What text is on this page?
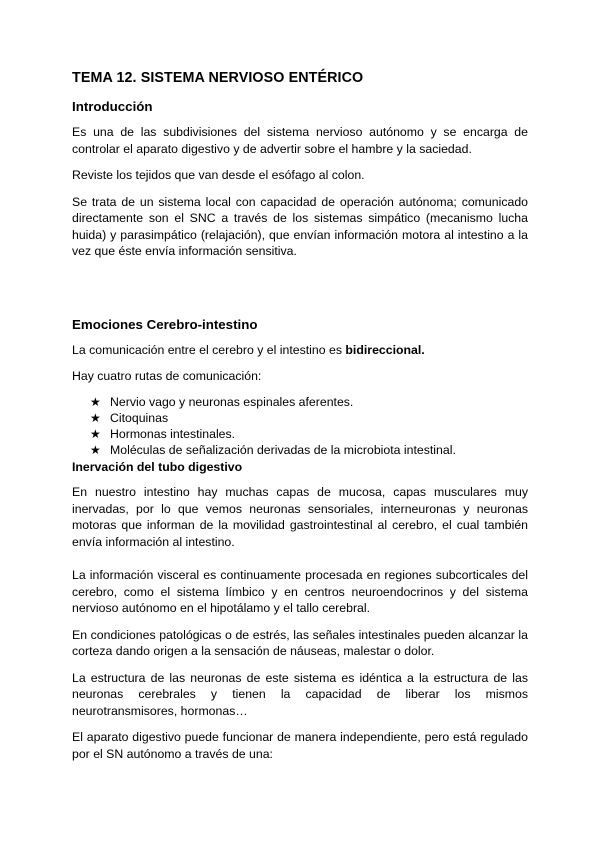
TEMA 12. SISTEMA NERVIOSO ENTÉRICO
Introducción

Es una de las subdivisiones del sistema nervioso autónomo y se encarga de controlar el aparato digestivo y de advertir sobre el hambre y la saciedad.

Reviste los tejidos que van desde el esófago al colon.

Se trata de un sistema local con capacidad de operación autónoma; comunicado directamente son el SNC a través de los sistemas simpático (mecanismo lucha huida) y parasimpático (relajación), que envían información motora al intestino a la vez que éste envía información sensitiva.

Emociones Cerebro-intestino

La comunicación entre el cerebro y el intestino es bidireccional.

Hay cuatro rutas de comunicación:

★ Nervio vago y neuronas espinales aferentes.
★ Citoquinas
★ Hormonas intestinales.
★ Moléculas de señalización derivadas de la microbiota intestinal.
Inervación del tubo digestivo

En nuestro intestino hay muchas capas de mucosa, capas musculares muy inervadas, por lo que vemos neuronas sensoriales, interneuronas y neuronas motoras que informan de la movilidad gastrointestinal al cerebro, el cual también envía información al intestino.

La información visceral es continuamente procesada en regiones subcorticales del cerebro, como el sistema límbico y en centros neuroendocrinos y del sistema nervioso autónomo en el hipotálamo y el tallo cerebral.

En condiciones patológicas o de estrés, las señales intestinales pueden alcanzar la corteza dando origen a la sensación de náuseas, malestar o dolor.

La estructura de las neuronas de este sistema es idéntica a la estructura de las neuronas cerebrales y tienen la capacidad de liberar los mismos neurotransmisores, hormonas…

El aparato digestivo puede funcionar de manera independiente, pero está regulado por el SN autónomo a través de una:
